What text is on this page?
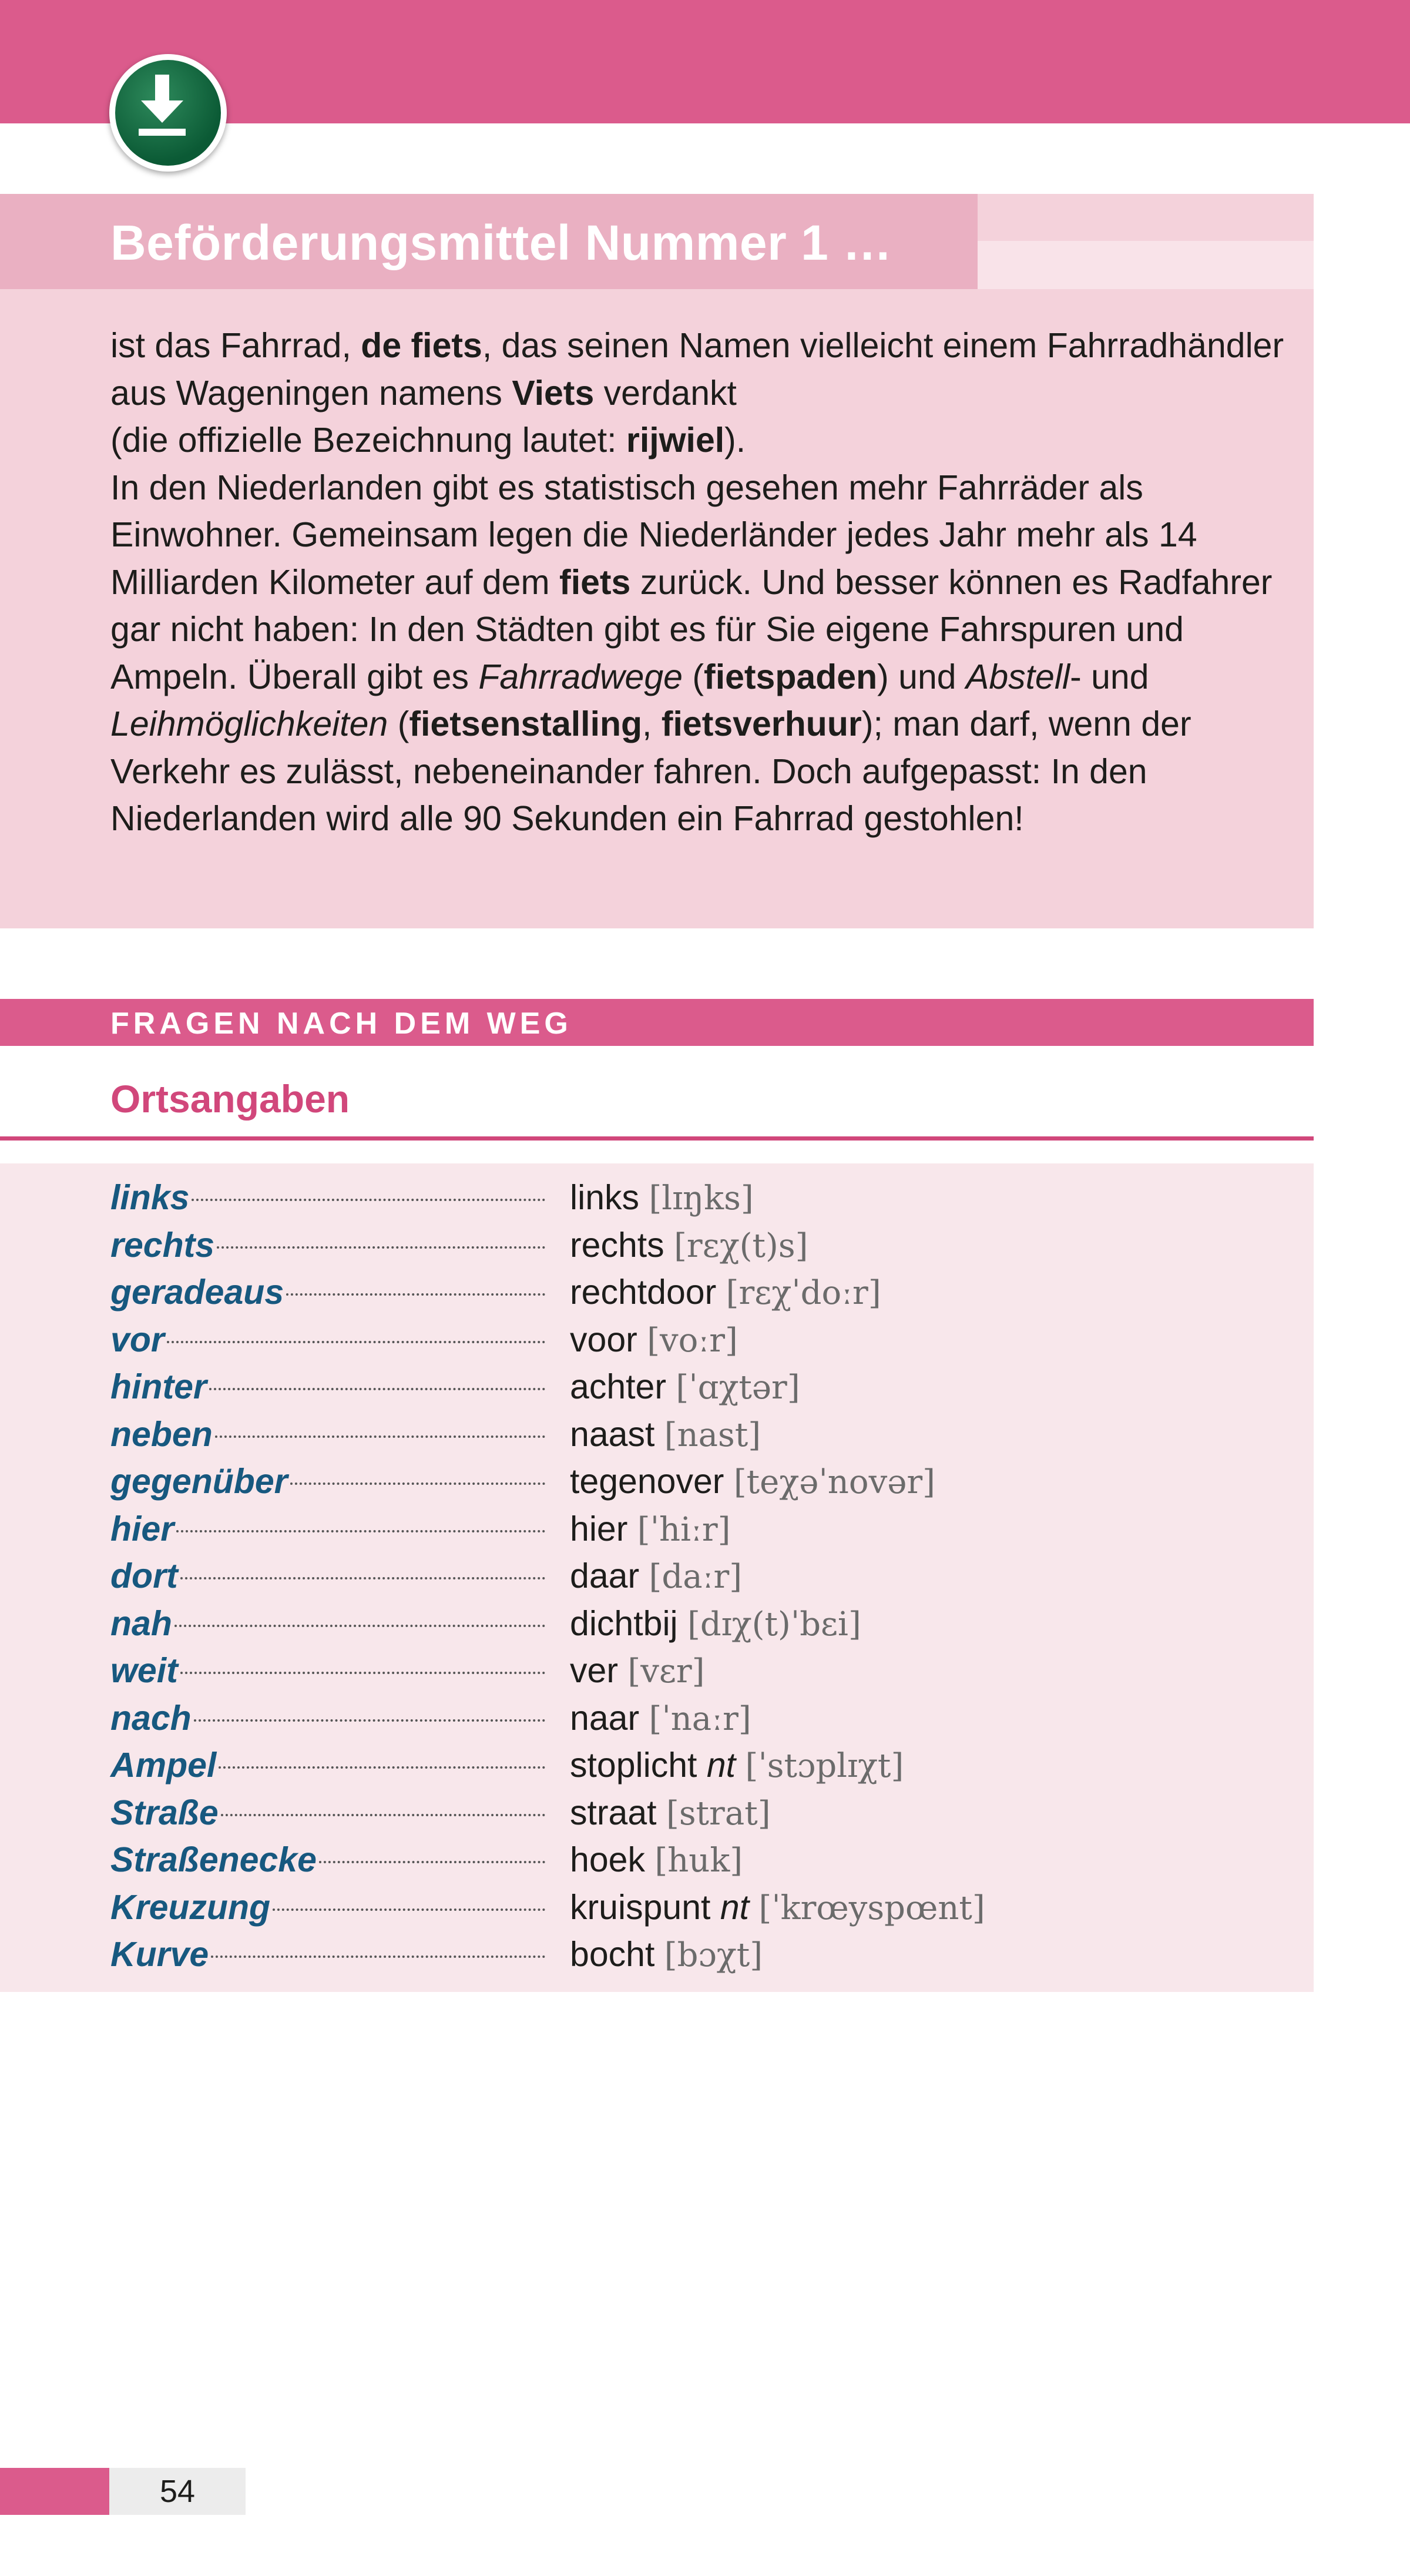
Beförderungsmittel Nummer 1 …
ist das Fahrrad, de fiets, das seinen Namen vielleicht einem Fahrradhändler aus Wageningen namens Viets verdankt
(die offizielle Bezeichnung lautet: rijwiel).
In den Niederlanden gibt es statistisch gesehen mehr Fahrräder als Einwohner. Gemeinsam legen die Niederländer jedes Jahr mehr als 14 Milliarden Kilometer auf dem fiets zurück. Und besser können es Radfahrer gar nicht haben: In den Städten gibt es für Sie eigene Fahrspuren und Ampeln. Überall gibt es Fahrradwege (fietspaden) und Abstell- und Leihmöglichkeiten (fietsenstalling, fietsverhuur); man darf, wenn der Verkehr es zulässt, nebeneinander fahren. Doch aufgepasst: In den Niederlanden wird alle 90 Sekunden ein Fahrrad gestohlen!
FRAGEN NACH DEM WEG
Ortsangaben
links	links [lɪŋks]
rechts	rechts [rɛχ(t)s]
geradeaus	rechtdoor [rɛχˈdoːr]
vor	voor [voːr]
hinter	achter [ˈɑχtər]
neben	naast [nast]
gegenüber	tegenover [teχəˈnovər]
hier	hier [ˈhiːr]
dort	daar [daːr]
nah	dichtbij [dɪχ(t)ˈbɛi]
weit	ver [vɛr]
nach	naar [ˈnaːr]
Ampel	stoplicht nt [ˈstɔplɪχt]
Straße	straat [strat]
Straßenecke	hoek [huk]
Kreuzung	kruispunt nt [ˈkrœyspœnt]
Kurve	bocht [bɔχt]
54
